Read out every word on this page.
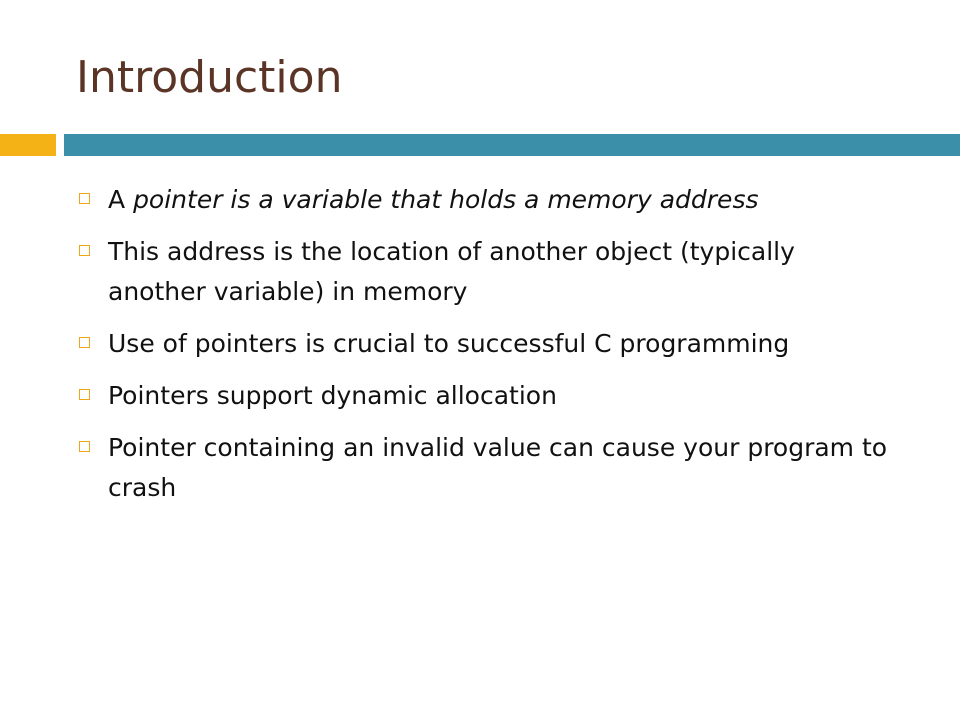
Introduction
A pointer is a variable that holds a memory address
This address is the location of another object (typically another variable) in memory
Use of pointers is crucial to successful C programming
Pointers support dynamic allocation
Pointer containing an invalid value can cause your program to crash
